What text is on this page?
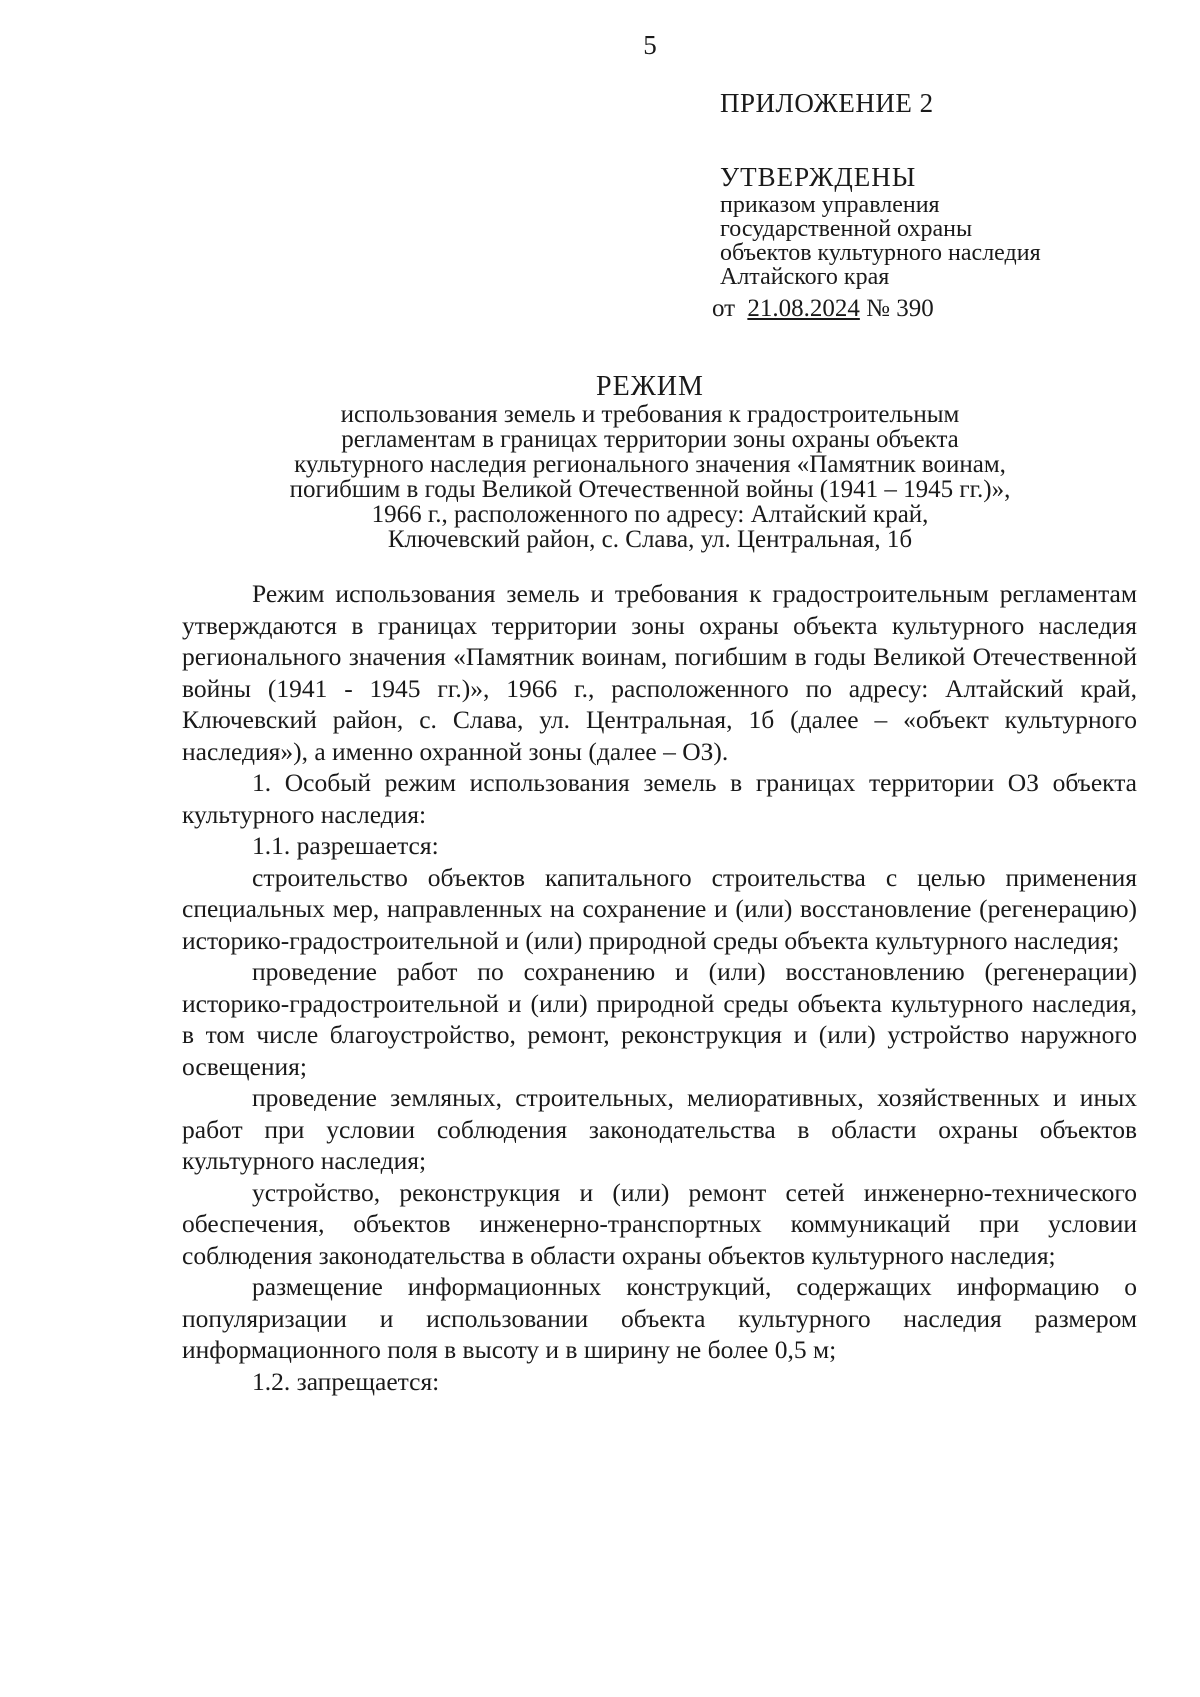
5

ПРИЛОЖЕНИЕ 2

УТВЕРЖДЕНЫ

приказом управления

государственной охраны

объектов культурного наследия

Алтайского края

от 21.08.2024 № 390

РЕЖИМ

использования земель и требования к градостроительным

регламентам в границах территории зоны охраны объекта

культурного наследия регионального значения «Памятник воинам,

погибшим в годы Великой Отечественной войны (1941 – 1945 гг.)»,

1966 г., расположенного по адресу: Алтайский край,

Ключевский район, с. Слава, ул. Центральная, 1б

Режим использования земель и требования к градостроительным регламентам утверждаются в границах территории зоны охраны объекта культурного наследия регионального значения «Памятник воинам, погибшим в годы Великой Отечественной войны (1941 - 1945 гг.)», 1966 г., расположенного по адресу: Алтайский край, Ключевский район, с. Слава, ул. Центральная, 1б (далее – «объект культурного наследия»), а именно охранной зоны (далее – ОЗ).

1. Особый режим использования земель в границах территории ОЗ объекта культурного наследия:

1.1. разрешается:

строительство объектов капитального строительства с целью применения специальных мер, направленных на сохранение и (или) восстановление (регенерацию) историко-градостроительной и (или) природной среды объекта культурного наследия;

проведение работ по сохранению и (или) восстановлению (регенерации) историко-градостроительной и (или) природной среды объекта культурного наследия, в том числе благоустройство, ремонт, реконструкция и (или) устройство наружного освещения;

проведение земляных, строительных, мелиоративных, хозяйственных и иных работ при условии соблюдения законодательства в области охраны объектов культурного наследия;

устройство, реконструкция и (или) ремонт сетей инженерно-технического обеспечения, объектов инженерно-транспортных коммуникаций при условии соблюдения законодательства в области охраны объектов культурного наследия;

размещение информационных конструкций, содержащих информацию о популяризации и использовании объекта культурного наследия размером информационного поля в высоту и в ширину не более 0,5 м;

1.2. запрещается:
